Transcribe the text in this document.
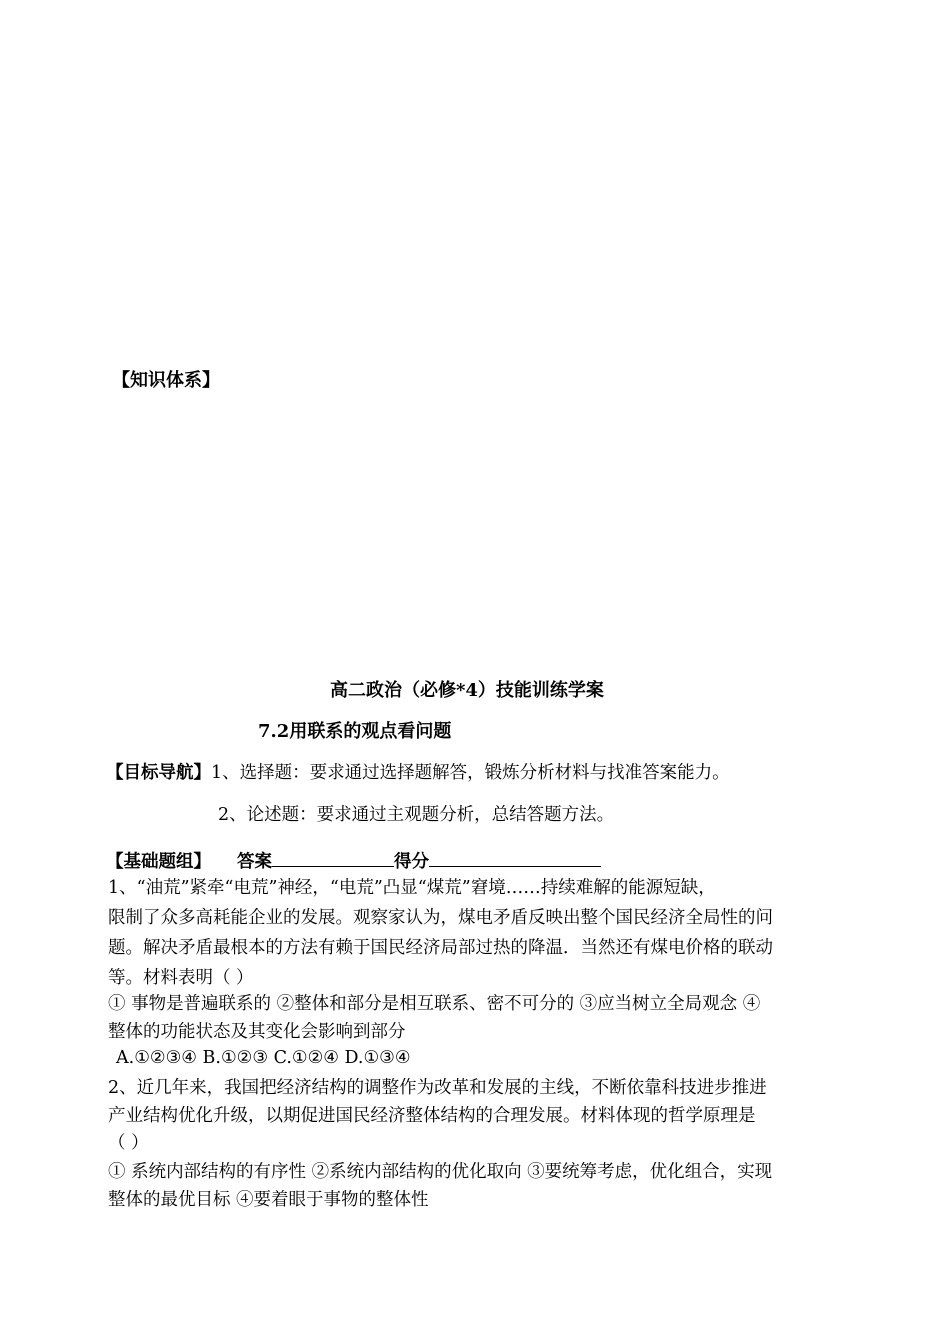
【知识体系】
高二政治（必修*4）技能训练学案
7.2用联系的观点看问题
【目标导航】1、选择题：要求通过选择题解答，锻炼分析材料与找准答案能力。
2、论述题：要求通过主观题分析，总结答题方法。
【基础题组】 答案	得分
1、“油荒”紧牵“电荒”神经，“电荒”凸显“煤荒”窘境……持续难解的能源短缺，
限制了众多高耗能企业的发展。观察家认为，煤电矛盾反映出整个国民经济全局性的问
题。解决矛盾最根本的方法有赖于国民经济局部过热的降温．当然还有煤电价格的联动
等。材料表明（ ）
① 事物是普遍联系的 ②整体和部分是相互联系、密不可分的 ③应当树立全局观念 ④
整体的功能状态及其变化会影响到部分
A.①②③④ B.①②③ C.①②④ D.①③④
2、近几年来，我国把经济结构的调整作为改革和发展的主线，不断依靠科技进步推进
产业结构优化升级，以期促进国民经济整体结构的合理发展。材料体现的哲学原理是
（ ）
① 系统内部结构的有序性 ②系统内部结构的优化取向 ③要统筹考虑，优化组合，实现
整体的最优目标 ④要着眼于事物的整体性
